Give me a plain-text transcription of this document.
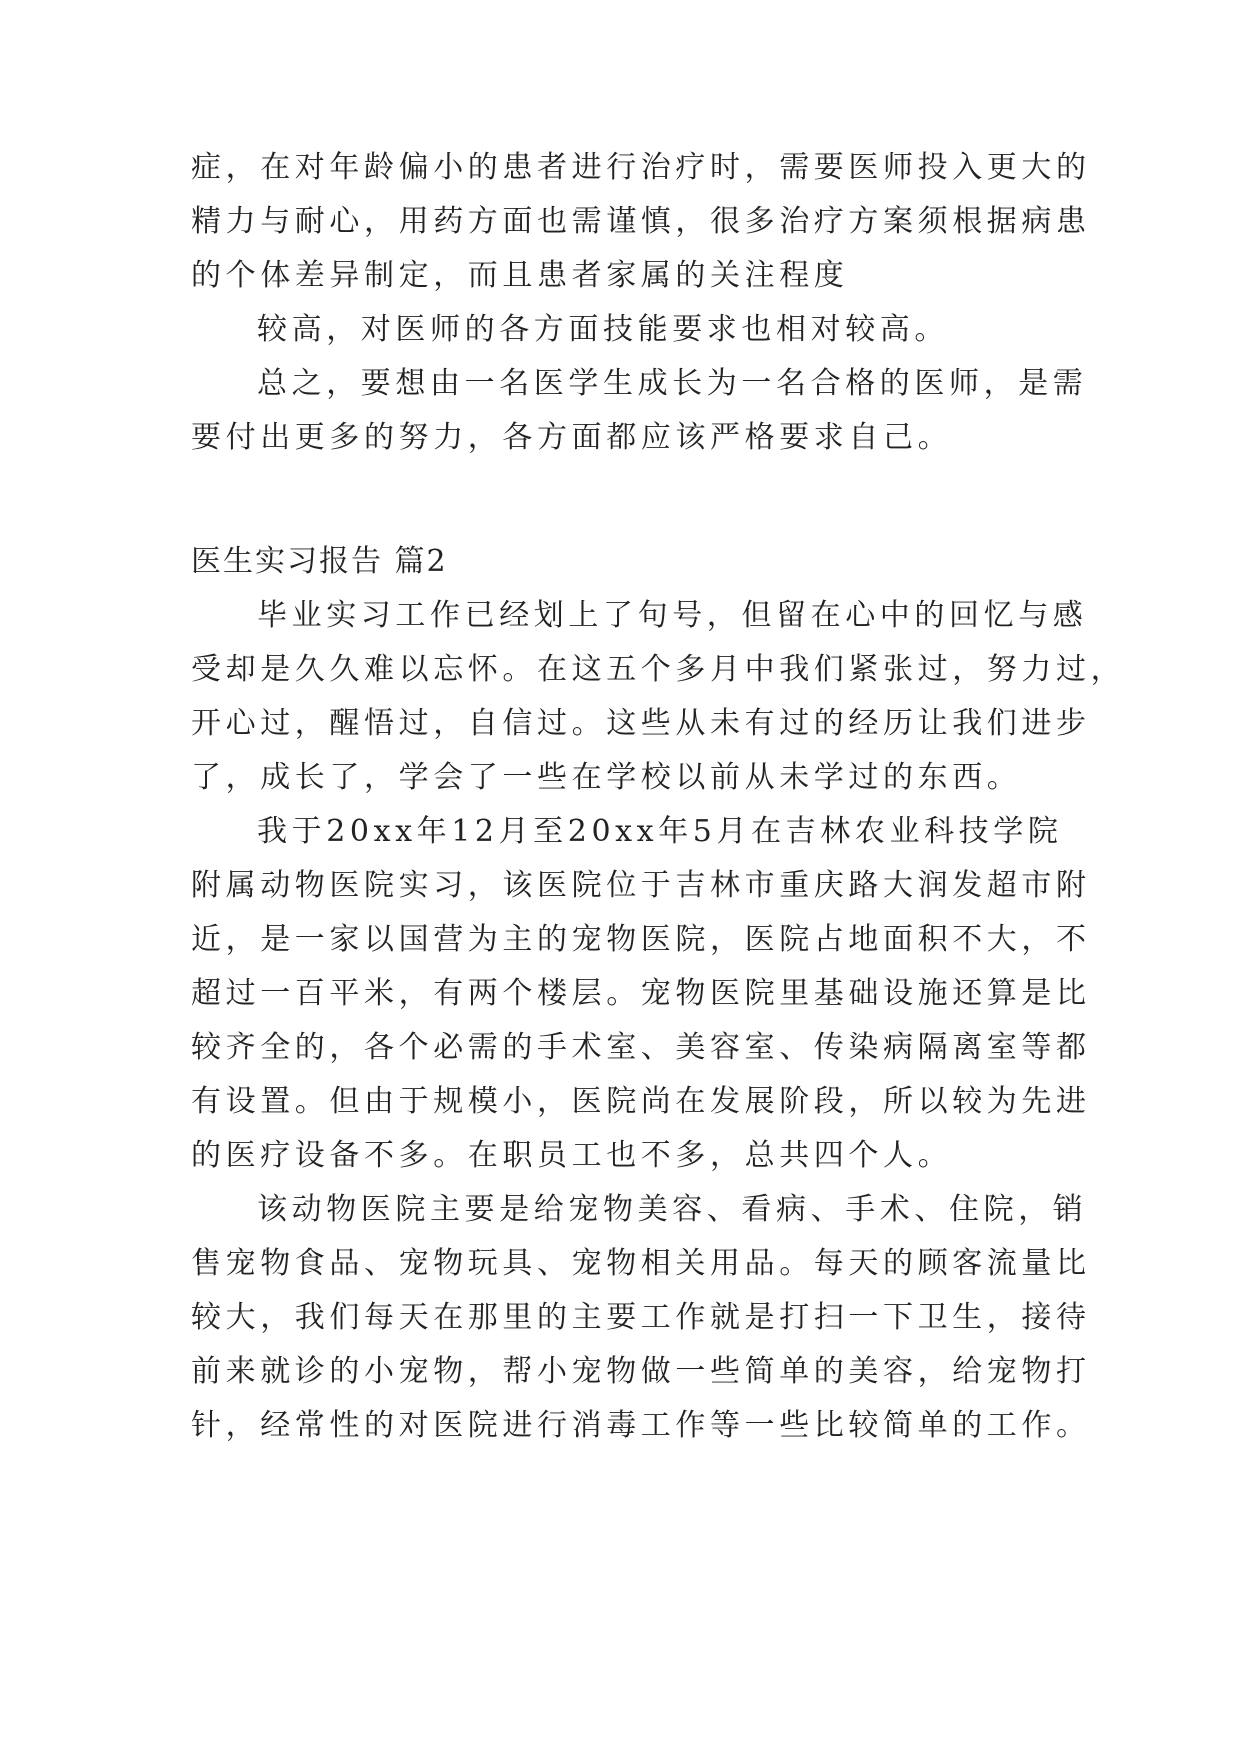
症，在对年龄偏小的患者进行治疗时，需要医师投入更大的
精力与耐心，用药方面也需谨慎，很多治疗方案须根据病患
的个体差异制定，而且患者家属的关注程度
较高，对医师的各方面技能要求也相对较高。
总之，要想由一名医学生成长为一名合格的医师，是需
要付出更多的努力，各方面都应该严格要求自己。
医生实习报告 篇2
毕业实习工作已经划上了句号，但留在心中的回忆与感
受却是久久难以忘怀。在这五个多月中我们紧张过，努力过，
开心过，醒悟过，自信过。这些从未有过的经历让我们进步
了，成长了，学会了一些在学校以前从未学过的东西。
我于20xx年12月至20xx年5月在吉林农业科技学院
附属动物医院实习，该医院位于吉林市重庆路大润发超市附
近，是一家以国营为主的宠物医院，医院占地面积不大，不
超过一百平米，有两个楼层。宠物医院里基础设施还算是比
较齐全的，各个必需的手术室、美容室、传染病隔离室等都
有设置。但由于规模小，医院尚在发展阶段，所以较为先进
的医疗设备不多。在职员工也不多，总共四个人。
该动物医院主要是给宠物美容、看病、手术、住院，销
售宠物食品、宠物玩具、宠物相关用品。每天的顾客流量比
较大，我们每天在那里的主要工作就是打扫一下卫生，接待
前来就诊的小宠物，帮小宠物做一些简单的美容，给宠物打
针，经常性的对医院进行消毒工作等一些比较简单的工作。
